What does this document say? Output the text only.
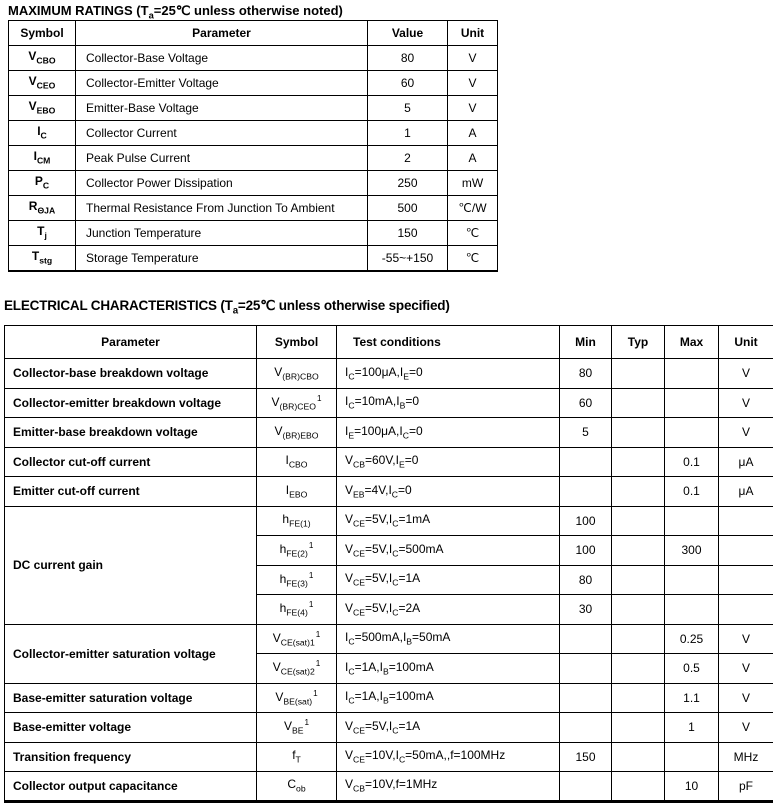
MAXIMUM RATINGS ($T_a=25℃$ unless otherwise noted)
Symbol	Parameter	Value	Unit
$V_{CBO}$	Collector-Base Voltage	80	V
$V_{CEO}$	Collector-Emitter Voltage	60	V
$V_{EBO}$	Emitter-Base Voltage	5	V
$I_C$	Collector Current	1	A
$I_{CM}$	Peak Pulse Current	2	A
$P_C$	Collector Power Dissipation	250	mW
$R_{\Theta JA}$	Thermal Resistance From Junction To Ambient	500	℃/W
$T_j$	Junction Temperature	150	℃
$T_{stg}$	Storage Temperature	-55~+150	℃
ELECTRICAL CHARACTERISTICS ($T_a=25℃$ unless otherwise specified)
Parameter	Symbol	Test conditions	Min	Typ	Max	Unit
Collector-base breakdown voltage	$V_{(BR)CBO}$	$I_C=100\mu A,I_E=0$	80			V
Collector-emitter breakdown voltage	$V_{(BR)CEO}^1$	$I_C=10mA,I_B=0$	60			V
Emitter-base breakdown voltage	$V_{(BR)EBO}$	$I_E=100\mu A,I_C=0$	5			V
Collector cut-off current	$I_{CBO}$	$V_{CB}=60V,I_E=0$			0.1	μA
Emitter cut-off current	$I_{EBO}$	$V_{EB}=4V,I_C=0$			0.1	μA
DC current gain	$h_{FE(1)}$	$V_{CE}=5V,I_C=1mA$	100			
	$h_{FE(2)}^1$	$V_{CE}=5V,I_C=500mA$	100		300	
	$h_{FE(3)}^1$	$V_{CE}=5V,I_C=1A$	80			
	$h_{FE(4)}^1$	$V_{CE}=5V,I_C=2A$	30			
Collector-emitter saturation voltage	$V_{CE(sat)1}^1$	$I_C=500mA,I_B=50mA$			0.25	V
	$V_{CE(sat)2}^1$	$I_C=1A,I_B=100mA$			0.5	V
Base-emitter saturation voltage	$V_{BE(sat)}^1$	$I_C=1A,I_B=100mA$			1.1	V
Base-emitter voltage	$V_{BE}^1$	$V_{CE}=5V,I_C=1A$			1	V
Transition frequency	$f_T$	$V_{CE}=10V,I_C=50mA,,f=100MHz$	150			MHz
Collector output capacitance	$C_{ob}$	$V_{CB}=10V,f=1MHz$			10	pF
